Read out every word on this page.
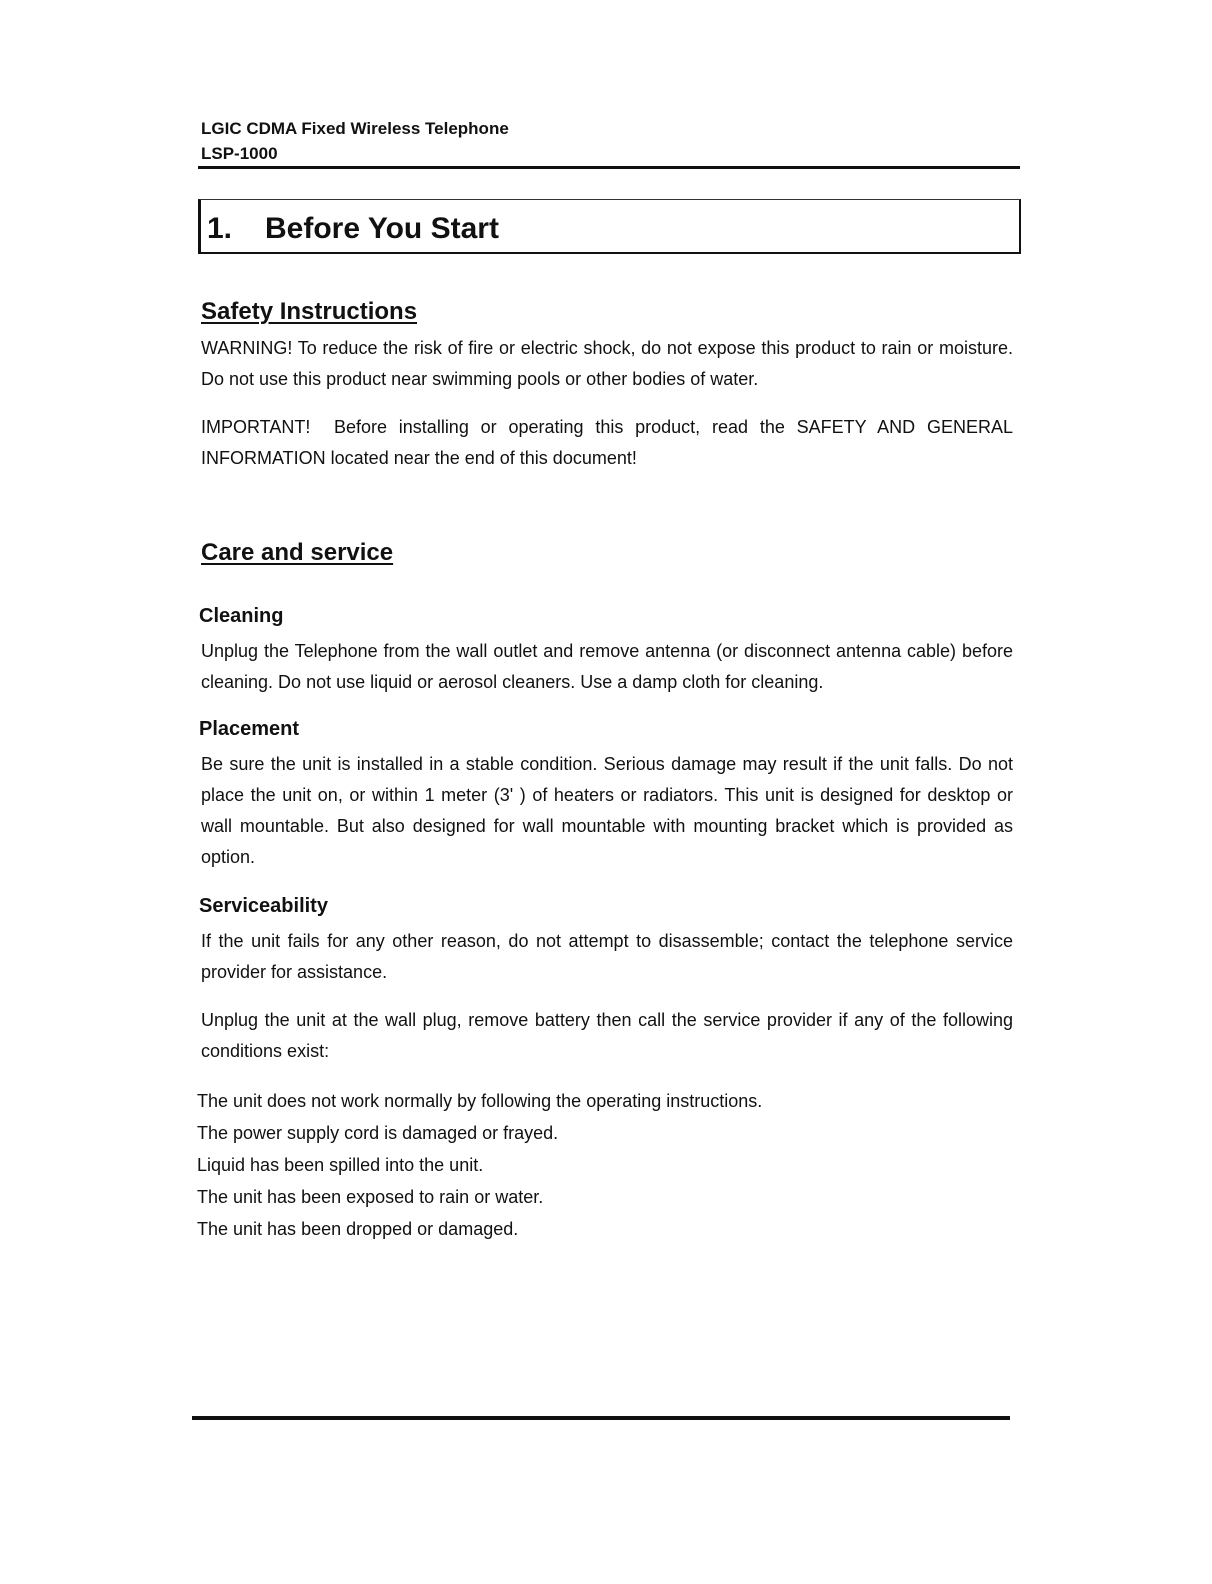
LGIC CDMA Fixed Wireless Telephone
LSP-1000
1. Before You Start
Safety Instructions

WARNING! To reduce the risk of fire or electric shock, do not expose this product to rain or moisture. Do not use this product near swimming pools or other bodies of water.

IMPORTANT!  Before installing or operating this product, read the SAFETY AND GENERAL INFORMATION located near the end of this document!

Care and service
Cleaning

Unplug the Telephone from the wall outlet and remove antenna (or disconnect antenna cable) before cleaning. Do not use liquid or aerosol cleaners. Use a damp cloth for cleaning.

Placement

Be sure the unit is installed in a stable condition. Serious damage may result if the unit falls. Do not place the unit on, or within 1 meter (3' ) of heaters or radiators. This unit is designed for desktop or wall mountable. But also designed for wall mountable with mounting bracket which is provided as option.

Serviceability

If the unit fails for any other reason, do not attempt to disassemble; contact the telephone service provider for assistance.

Unplug the unit at the wall plug, remove battery then call the service provider if any of the following conditions exist:

The unit does not work normally by following the operating instructions.
The power supply cord is damaged or frayed.
Liquid has been spilled into the unit.
The unit has been exposed to rain or water.
The unit has been dropped or damaged.
